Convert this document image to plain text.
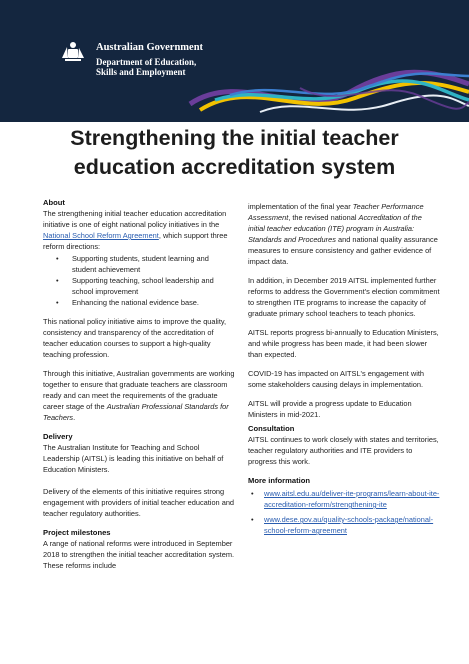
Australian Government
Department of Education,
Skills and Employment
Strengthening the initial teacher
education accreditation system
About

The strengthening initial teacher education accreditation initiative is one of eight national policy initiatives in the National School Reform Agreement, which support three reform directions:

• Supporting students, student learning and student achievement
• Supporting teaching, school leadership and school improvement
• Enhancing the national evidence base.

This national policy initiative aims to improve the quality, consistency and transparency of the accreditation of teacher education courses to support a high-quality teaching profession.

Through this initiative, Australian governments are working together to ensure that graduate teachers are classroom ready and can meet the requirements of the graduate career stage of the Australian Professional Standards for Teachers.

Delivery

The Australian Institute for Teaching and School Leadership (AITSL) is leading this initiative on behalf of Education Ministers.

Delivery of the elements of this initiative requires strong engagement with providers of initial teacher education and teacher regulatory authorities.

Project milestones

A range of national reforms were introduced in September 2018 to strengthen the initial teacher accreditation system. These reforms include

implementation of the final year Teacher Performance Assessment, the revised national Accreditation of the initial teacher education (ITE) program in Australia: Standards and Procedures and national quality assurance measures to ensure consistency and gather evidence of impact data.

In addition, in December 2019 AITSL implemented further reforms to address the Government's election commitment to strengthen ITE programs to increase the capacity of graduate primary school teachers to teach phonics.

AITSL reports progress bi-annually to Education Ministers, and while progress has been made, it had been slower than expected.

COVID-19 has impacted on AITSL's engagement with some stakeholders causing delays in implementation.

AITSL will provide a progress update to Education Ministers in mid-2021.

Consultation

AITSL continues to work closely with states and territories, teacher regulatory authorities and ITE providers to progress this work.

More information
• www.aitsl.edu.au/deliver-ite-programs/learn-about-ite-accreditation-reform/strengthening-ite
• www.dese.gov.au/quality-schools-package/national-school-reform-agreement
